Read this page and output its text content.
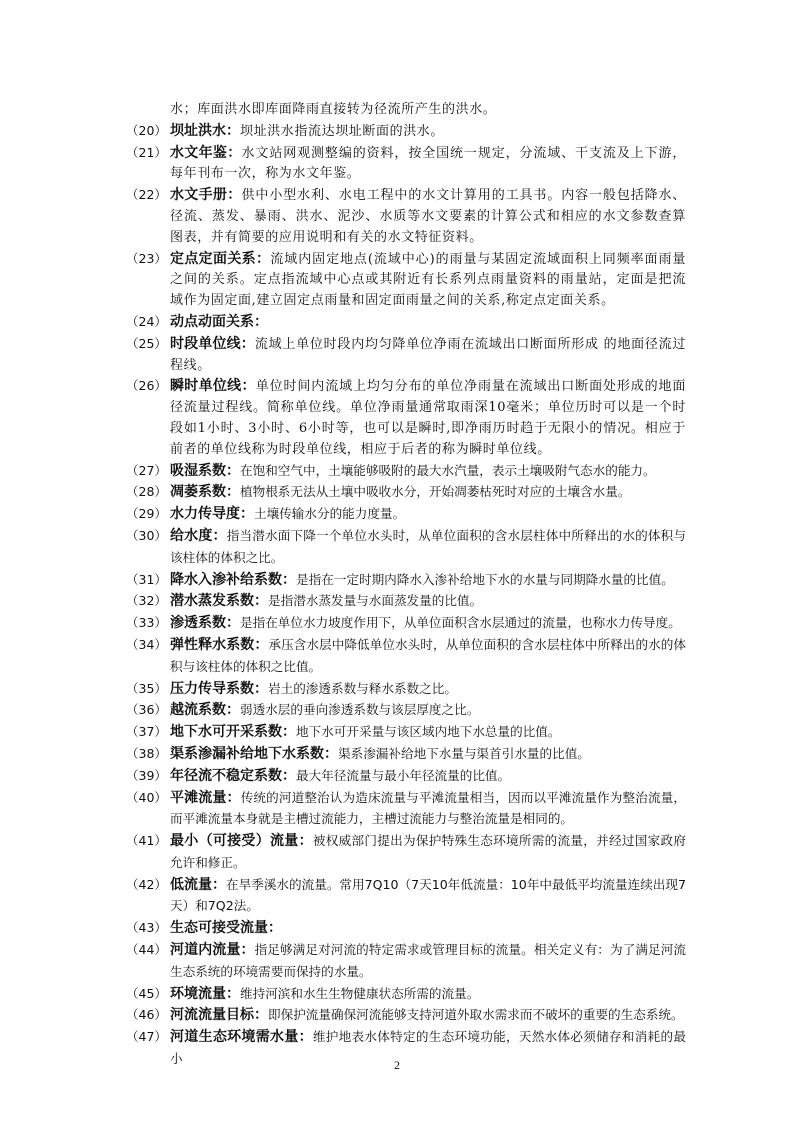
水；库面洪水即库面降雨直接转为径流所产生的洪水。
（20） 坝址洪水：坝址洪水指流达坝址断面的洪水。
（21） 水文年鉴：水文站网观测整编的资料，按全国统一规定，分流域、干支流及上下游，每年刊布一次，称为水文年鉴。
（22） 水文手册：供中小型水利、水电工程中的水文计算用的工具书。内容一般包括降水、径流、蒸发、暴雨、洪水、泥沙、水质等水文要素的计算公式和相应的水文参数查算图表，并有简要的应用说明和有关的水文特征资料。
（23） 定点定面关系：流域内固定地点(流域中心)的雨量与某固定流域面积上同频率面雨量之间的关系。定点指流域中心点或其附近有长系列点雨量资料的雨量站，定面是把流域作为固定面,建立固定点雨量和固定面雨量之间的关系,称定点定面关系。
（24） 动点动面关系：
（25） 时段单位线：流域上单位时段内均匀降单位净雨在流域出口断面所形成 的地面径流过程线。
（26） 瞬时单位线：单位时间内流域上均匀分布的单位净雨量在流域出口断面处形成的地面径流量过程线。简称单位线。单位净雨量通常取雨深10毫米；单位历时可以是一个时段如1小时、3小时、6小时等，也可以是瞬时,即净雨历时趋于无限小的情况。相应于前者的单位线称为时段单位线，相应于后者的称为瞬时单位线。
（27） 吸湿系数：在饱和空气中，土壤能够吸附的最大水汽量，表示土壤吸附气态水的能力。
（28） 凋萎系数：植物根系无法从土壤中吸收水分，开始凋萎枯死时对应的土壤含水量。
（29） 水力传导度：土壤传输水分的能力度量。
（30） 给水度：指当潜水面下降一个单位水头时，从单位面积的含水层柱体中所释出的水的体积与该柱体的体积之比。
（31） 降水入渗补给系数：是指在一定时期内降水入渗补给地下水的水量与同期降水量的比值。
（32） 潜水蒸发系数：是指潜水蒸发量与水面蒸发量的比值。
（33） 渗透系数：是指在单位水力坡度作用下，从单位面积含水层通过的流量，也称水力传导度。
（34） 弹性释水系数：承压含水层中降低单位水头时，从单位面积的含水层柱体中所释出的水的体积与该柱体的体积之比值。
（35） 压力传导系数：岩土的渗透系数与释水系数之比。
（36） 越流系数：弱透水层的垂向渗透系数与该层厚度之比。
（37） 地下水可开采系数：地下水可开采量与该区域内地下水总量的比值。
（38） 渠系渗漏补给地下水系数：渠系渗漏补给地下水量与渠首引水量的比值。
（39） 年径流不稳定系数：最大年径流量与最小年径流量的比值。
（40） 平滩流量：传统的河道整治认为造床流量与平滩流量相当，因而以平滩流量作为整治流量，而平滩流量本身就是主槽过流能力，主槽过流能力与整治流量是相同的。
（41） 最小（可接受）流量：被权威部门提出为保护特殊生态环境所需的流量，并经过国家政府允许和修正。
（42） 低流量：在旱季溪水的流量。常用7Q10（7天10年低流量：10年中最低平均流量连续出现7天）和7Q2法。
（43） 生态可接受流量：
（44） 河道内流量：指足够满足对河流的特定需求或管理目标的流量。相关定义有：为了满足河流生态系统的环境需要而保持的水量。
（45） 环境流量：维持河滨和水生生物健康状态所需的流量。
（46） 河流流量目标：即保护流量确保河流能够支持河道外取水需求而不破坏的重要的生态系统。
（47） 河道生态环境需水量：维护地表水体特定的生态环境功能，天然水体必须储存和消耗的最小	2
